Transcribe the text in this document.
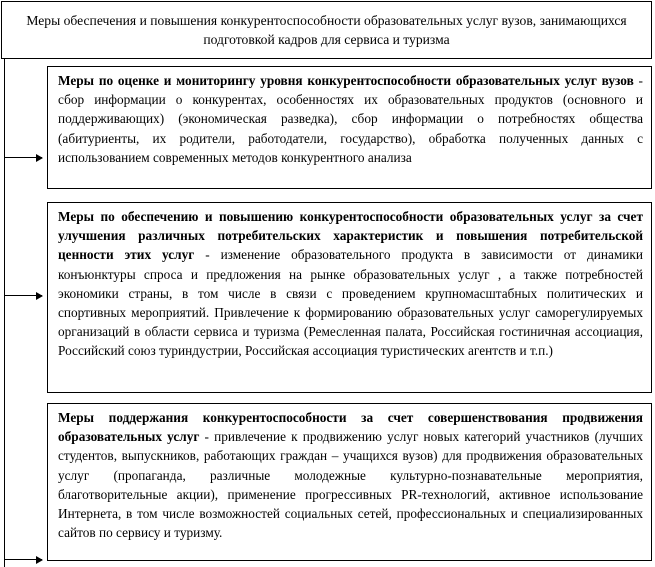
Меры обеспечения и повышения конкурентоспособности образовательных услуг вузов, занимающихся подготовкой кадров для сервиса и туризма
Меры по оценке и мониторингу уровня конкурентоспособности образовательных услуг вузов - сбор информации о конкурентах, особенностях их образовательных продуктов (основного и поддерживающих) (экономическая разведка), сбор информации о потребностях общества (абитуриенты, их родители, работодатели, государство), обработка полученных данных с использованием современных методов конкурентного анализа
Меры по обеспечению и повышению конкурентоспособности образовательных услуг за счет улучшения различных потребительских характеристик и повышения потребительской ценности этих услуг - изменение образовательного продукта в зависимости от динамики конъюнктуры спроса и предложения на рынке образовательных услуг , а также потребностей экономики страны, в том числе в связи с проведением крупномасштабных политических и спортивных мероприятий. Привлечение к формированию образовательных услуг саморегулируемых организаций в области сервиса и туризма (Ремесленная палата, Российская гостиничная ассоциация, Российский союз туриндустрии, Российская ассоциация туристических агентств и т.п.)
Меры поддержания конкурентоспособности за счет совершенствования продвижения образовательных услуг - привлечение к продвижению услуг новых категорий участников (лучших студентов, выпускников, работающих граждан – учащихся вузов) для продвижения образовательных услуг (пропаганда, различные молодежные культурно-познавательные мероприятия, благотворительные акции), применение прогрессивных PR-технологий, активное использование Интернета, в том числе возможностей социальных сетей, профессиональных и специализированных сайтов по сервису и туризму.
